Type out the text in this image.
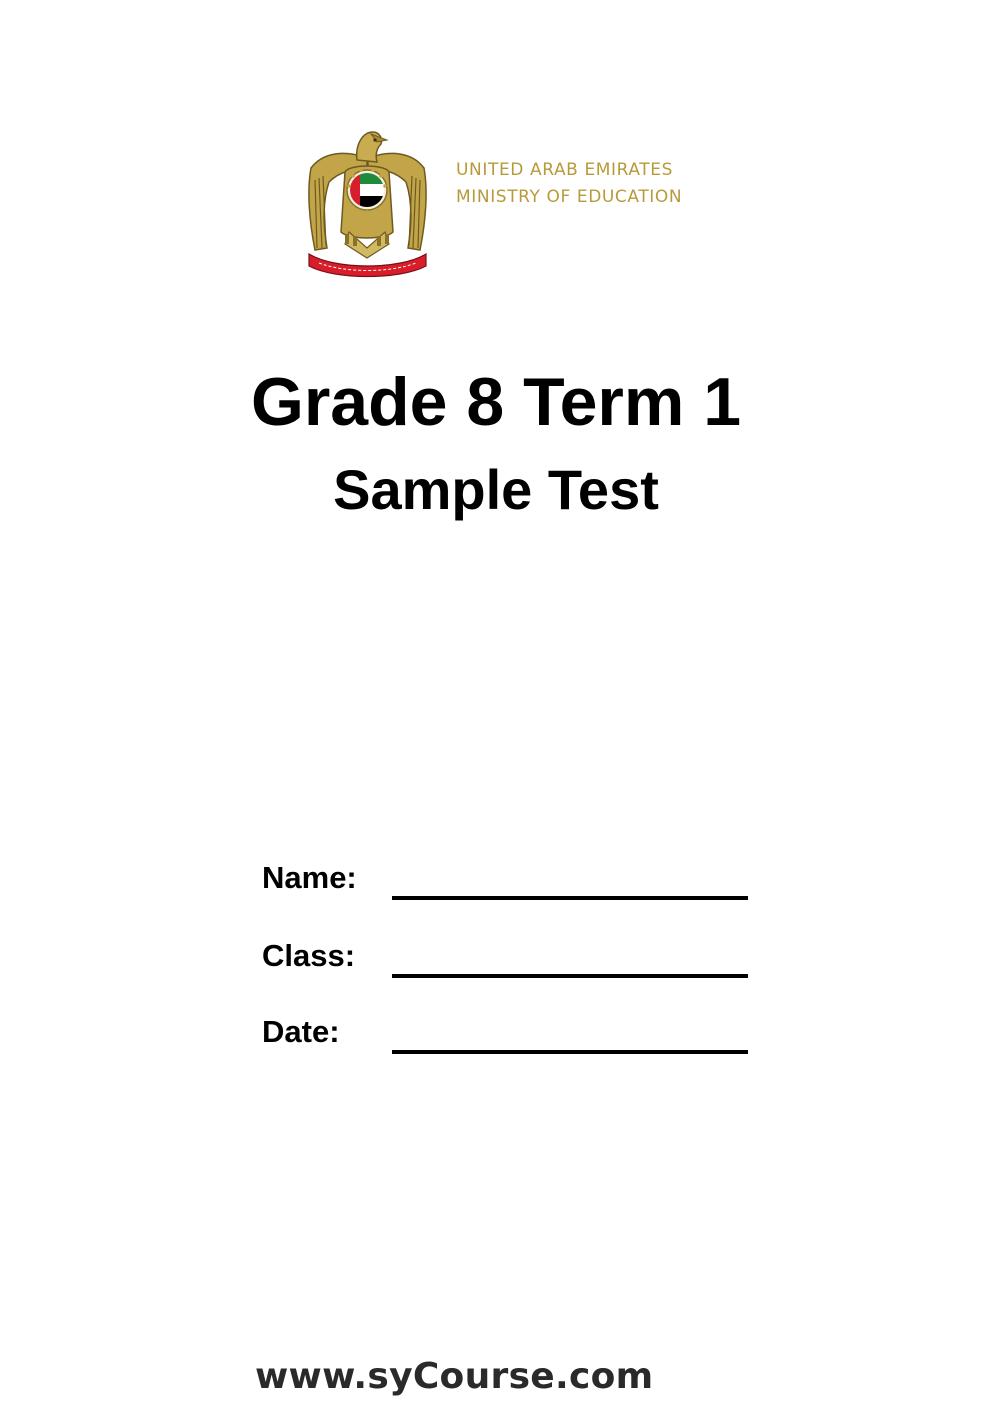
UNITED ARAB EMIRATES
MINISTRY OF EDUCATION
Grade 8 Term 1
Sample Test
Name:
Class:
Date:
www.syCourse.com
